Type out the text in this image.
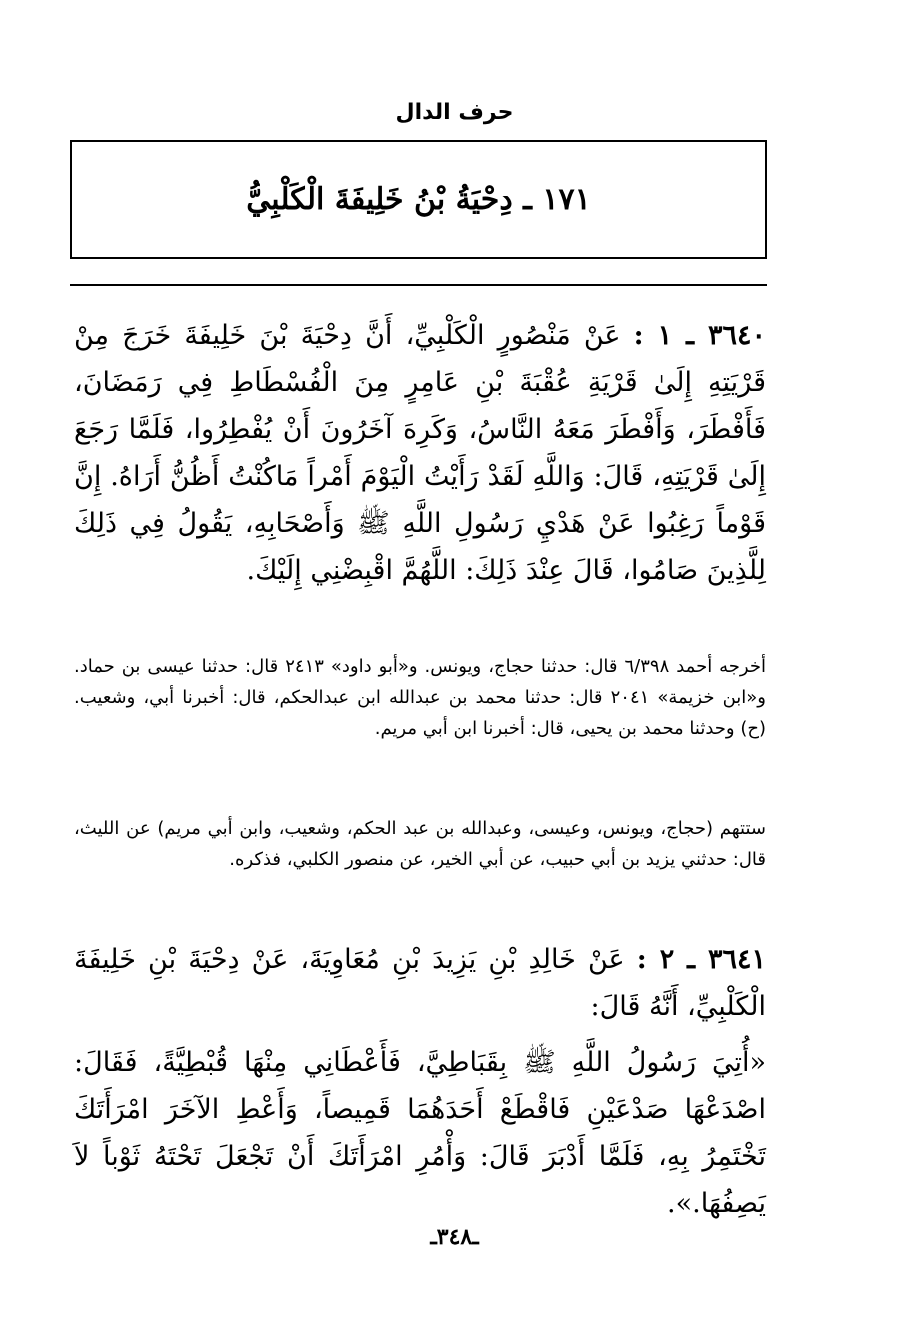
حرف الدال
١٧١ ـ دِحْيَةُ بْنُ خَلِيفَةَ الْكَلْبِيُّ
٣٦٤٠ ـ ١ : عَنْ مَنْصُورٍ الْكَلْبِيِّ، أَنَّ دِحْيَةَ بْنَ خَلِيفَةَ خَرَجَ مِنْ قَرْيَتِهِ إِلَىٰ قَرْيَةِ عُقْبَةَ بْنِ عَامِرٍ مِنَ الْفُسْطَاطِ فِي رَمَضَانَ، فَأَفْطَرَ، وَأَفْطَرَ مَعَهُ النَّاسُ، وَكَرِهَ آخَرُونَ أَنْ يُفْطِرُوا، فَلَمَّا رَجَعَ إِلَىٰ قَرْيَتِهِ، قَالَ: وَاللَّهِ لَقَدْ رَأَيْتُ الْيَوْمَ أَمْراً مَاكُنْتُ أَظُنُّ أَرَاهُ. إِنَّ قَوْماً رَغِبُوا عَنْ هَدْيِ رَسُولِ اللَّهِ ﷺ وَأَصْحَابِهِ، يَقُولُ فِي ذَلِكَ لِلَّذِينَ صَامُوا، قَالَ عِنْدَ ذَلِكَ: اللَّهُمَّ اقْبِضْنِي إِلَيْكَ.
أخرجه أحمد ٦/٣٩٨ قال: حدثنا حجاج، ويونس. و«أبو داود» ٢٤١٣ قال: حدثنا عيسى بن حماد. و«ابن خزيمة» ٢٠٤١ قال: حدثنا محمد بن عبدالله ابن عبدالحكم، قال: أخبرنا أبي، وشعيب. (ح) وحدثنا محمد بن يحيى، قال: أخبرنا ابن أبي مريم.
ستتهم (حجاج، ويونس، وعيسى، وعبدالله بن عبد الحكم، وشعيب، وابن أبي مريم) عن الليث، قال: حدثني يزيد بن أبي حبيب، عن أبي الخير، عن منصور الكلبي، فذكره.
٣٦٤١ ـ ٢ : عَنْ خَالِدِ بْنِ يَزِيدَ بْنِ مُعَاوِيَةَ، عَنْ دِحْيَةَ بْنِ خَلِيفَةَ الْكَلْبِيِّ، أَنَّهُ قَالَ:
«أُتِيَ رَسُولُ اللَّهِ ﷺ بِقَبَاطِيَّ، فَأَعْطَانِي مِنْهَا قُبْطِيَّةً، فَقَالَ: اصْدَعْهَا صَدْعَيْنِ فَاقْطَعْ أَحَدَهُمَا قَمِيصاً، وَأَعْطِ الآخَرَ امْرَأَتَكَ تَخْتَمِرُ بِهِ، فَلَمَّا أَدْبَرَ قَالَ: وَأْمُرِ امْرَأَتَكَ أَنْ تَجْعَلَ تَحْتَهُ ثَوْباً لاَ يَصِفُهَا.».
ـ٣٤٨ـ
